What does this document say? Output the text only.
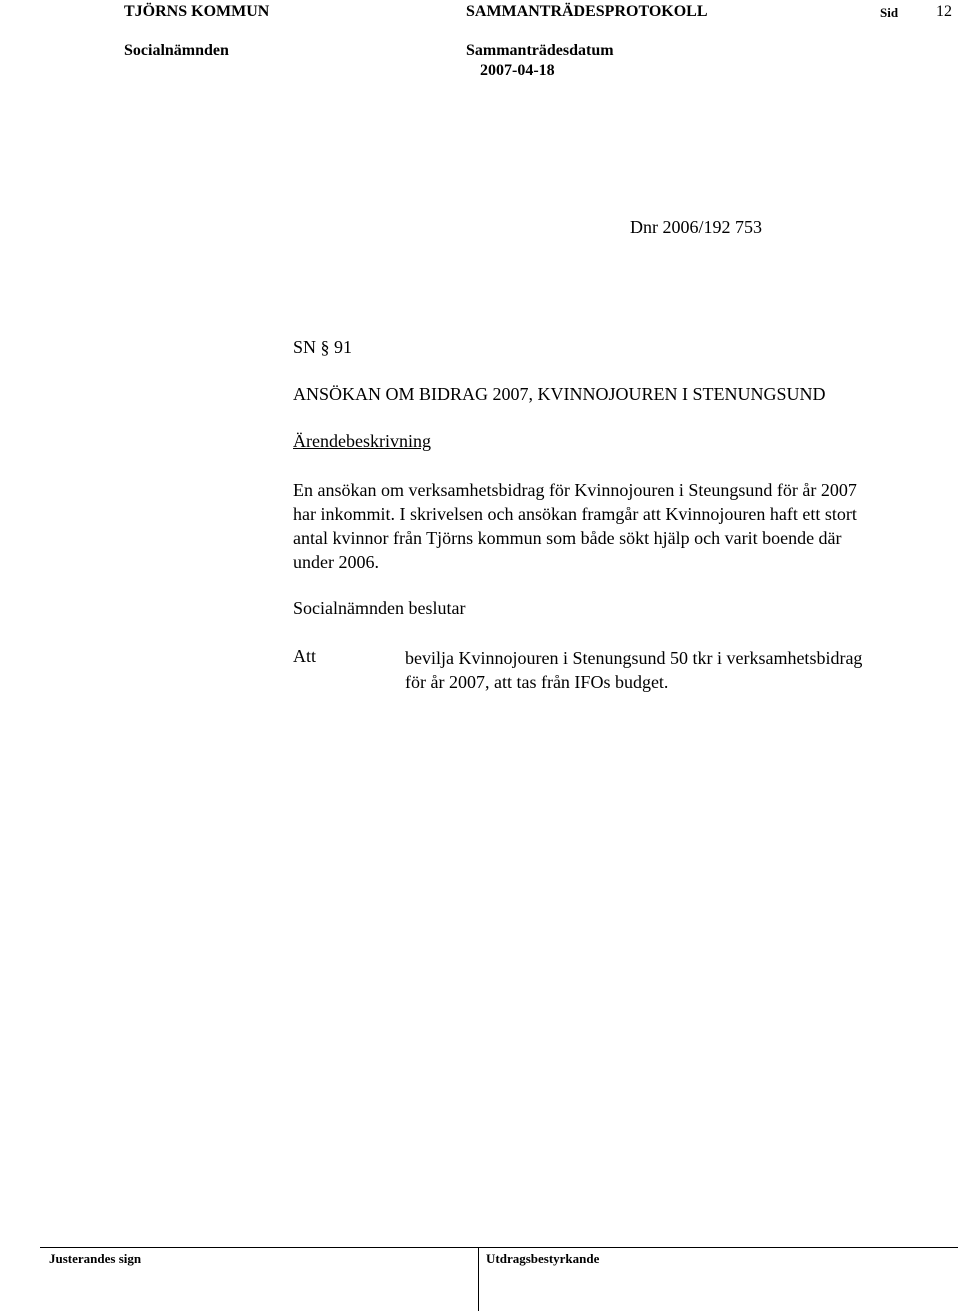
TJÖRNS KOMMUN	SAMMANTRÄDESPROTOKOLL	Sid 12
Socialnämnden	Sammanträdesdatum
2007-04-18
Dnr 2006/192 753
SN § 91
ANSÖKAN OM BIDRAG 2007, KVINNOJOUREN I STENUNGSUND
Ärendebeskrivning
En ansökan om verksamhetsbidrag för Kvinnojouren i Steungsund för år 2007
har inkommit. I skrivelsen och ansökan framgår att Kvinnojouren haft ett stort
antal kvinnor från Tjörns kommun som både sökt hjälp och varit boende där
under 2006.
Socialnämnden beslutar
Att	bevilja Kvinnojouren i Stenungsund 50 tkr i verksamhetsbidrag
för år 2007, att tas från IFOs budget.
Justerandes sign	Utdragsbestyrkande
